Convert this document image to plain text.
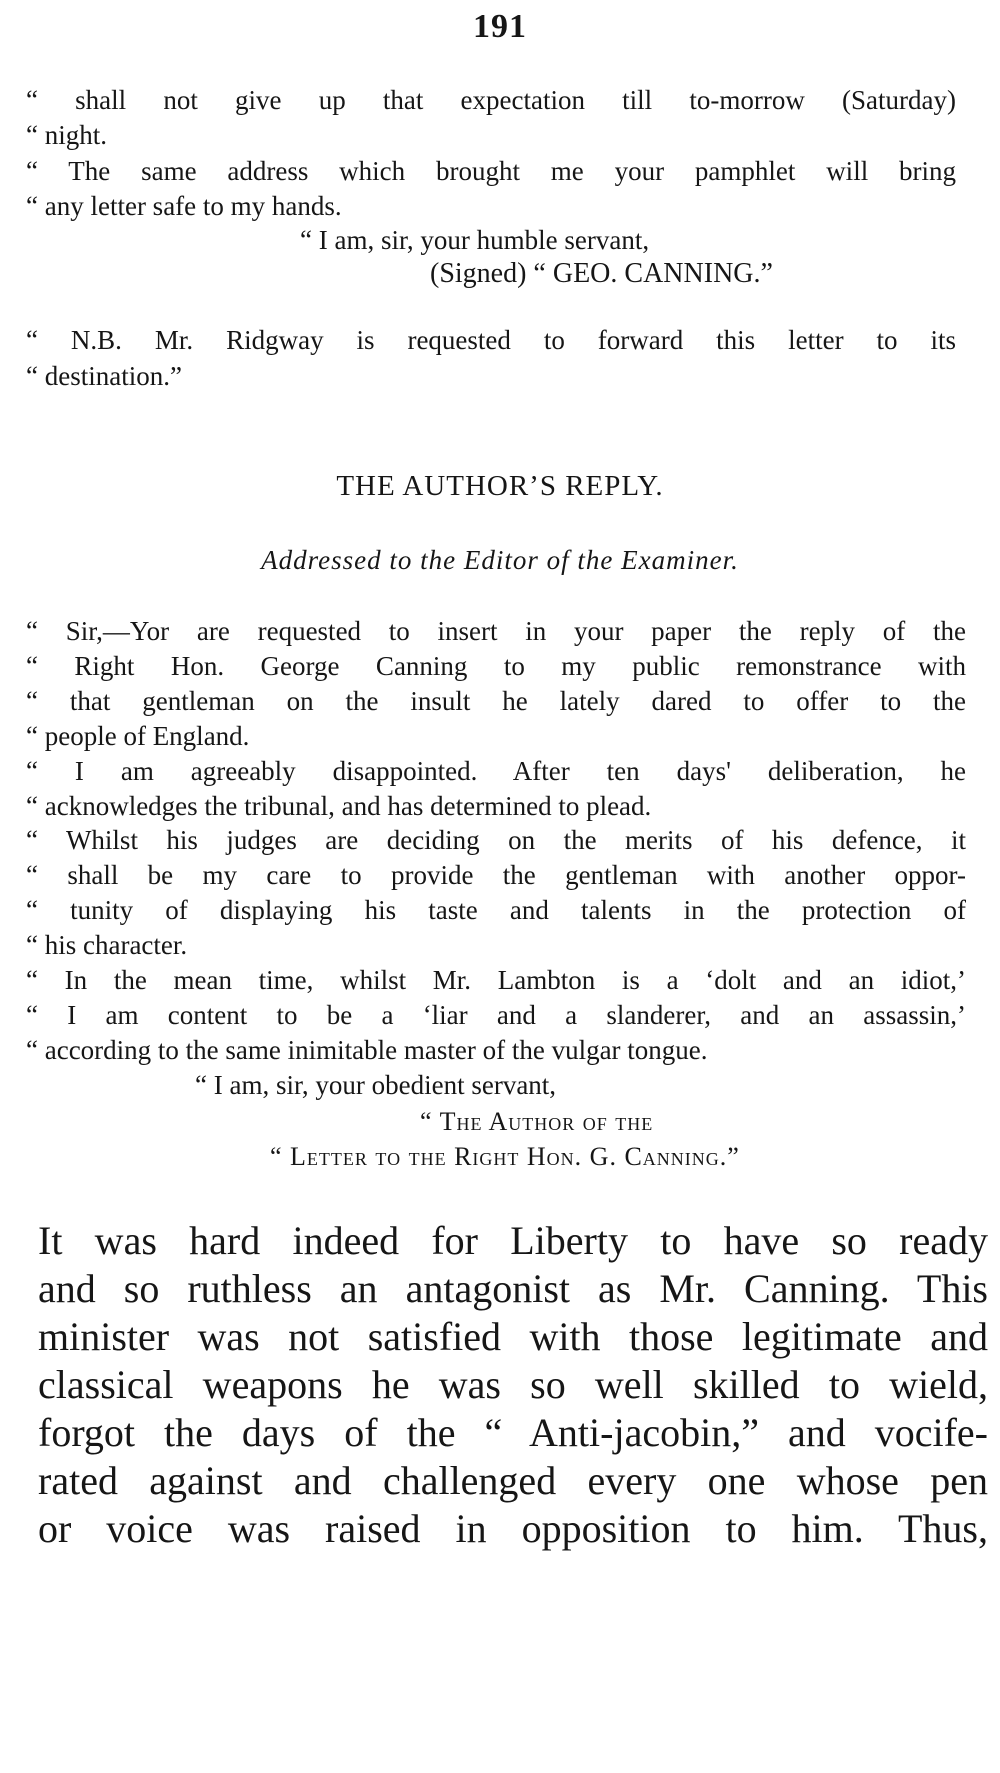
191
“ shall not give up that expectation till to-morrow (Saturday)
“ night.
“ The same address which brought me your pamphlet will bring
“ any letter safe to my hands.
“ I am, sir, your humble servant,
(Signed) “ GEO. CANNING.”
“ N.B. Mr. Ridgway is requested to forward this letter to its
“ destination.”
THE AUTHOR’S REPLY.
Addressed to the Editor of the Examiner.
“ Sir,—Yor are requested to insert in your paper the reply of the
“ Right Hon. George Canning to my public remonstrance with
“ that gentleman on the insult he lately dared to offer to the
“ people of England.
“ I am agreeably disappointed. After ten days' deliberation, he
“ acknowledges the tribunal, and has determined to plead.
“ Whilst his judges are deciding on the merits of his defence, it
“ shall be my care to provide the gentleman with another oppor-
“ tunity of displaying his taste and talents in the protection of
“ his character.
“ In the mean time, whilst Mr. Lambton is a ‘dolt and an idiot,’
“ I am content to be a ‘liar and a slanderer, and an assassin,’
“ according to the same inimitable master of the vulgar tongue.
“ I am, sir, your obedient servant,
“ The Author of the
“ Letter to the Right Hon. G. Canning.”
It was hard indeed for Liberty to have so ready
and so ruthless an antagonist as Mr. Canning. This
minister was not satisfied with those legitimate and
classical weapons he was so well skilled to wield,
forgot the days of the “ Anti-jacobin,” and vocife-
rated against and challenged every one whose pen
or voice was raised in opposition to him. Thus,
